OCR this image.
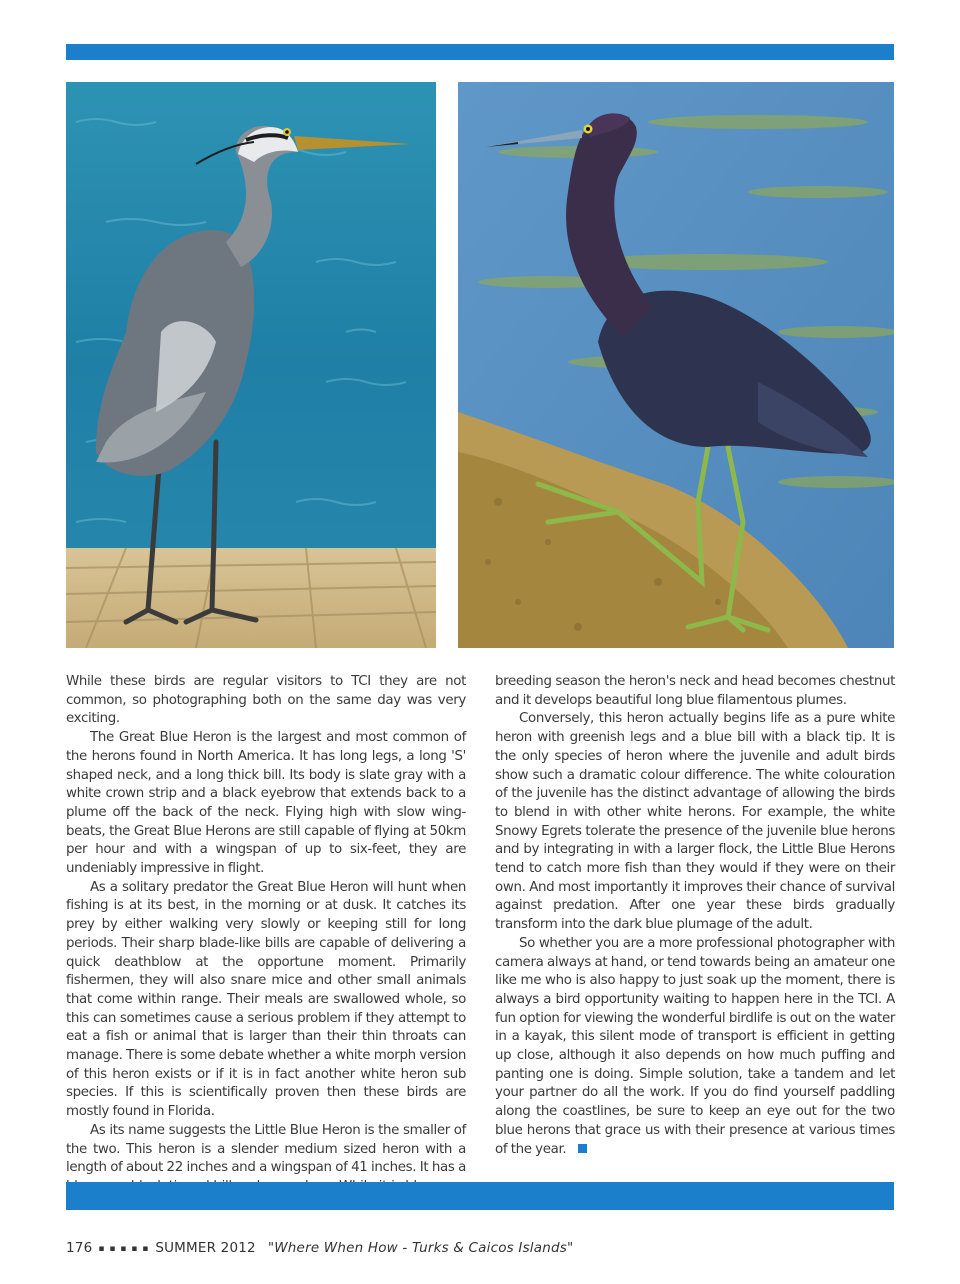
While these birds are regular visitors to TCI they are not common, so photographing both on the same day was very exciting.

The Great Blue Heron is the largest and most common of the herons found in North America. It has long legs, a long 'S' shaped neck, and a long thick bill. Its body is slate gray with a white crown strip and a black eyebrow that extends back to a plume off the back of the neck. Flying high with slow wing-beats, the Great Blue Herons are still capable of flying at 50km per hour and with a wingspan of up to six-feet, they are undeniably impressive in flight.

As a solitary predator the Great Blue Heron will hunt when fishing is at its best, in the morning or at dusk. It catches its prey by either walking very slowly or keeping still for long periods. Their sharp blade-like bills are capable of delivering a quick deathblow at the opportune moment. Primarily fishermen, they will also snare mice and other small animals that come within range. Their meals are swallowed whole, so this can sometimes cause a serious problem if they attempt to eat a fish or animal that is larger than their thin throats can manage. There is some debate whether a white morph version of this heron exists or if it is in fact another white heron sub species. If this is scientifically proven then these birds are mostly found in Florida.

As its name suggests the Little Blue Heron is the smaller of the two. This heron is a slender medium sized heron with a length of about 22 inches and a wingspan of 41 inches. It has a

breeding season the heron's neck and head becomes chestnut and it develops beautiful long blue filamentous plumes.

Conversely, this heron actually begins life as a pure white heron with greenish legs and a blue bill with a black tip. It is the only species of heron where the juvenile and adult birds show such a dramatic colour difference. The white colouration of the juvenile has the distinct advantage of allowing the birds to blend in with other white herons. For example, the white Snowy Egrets tolerate the presence of the juvenile blue herons and by integrating in with a larger flock, the Little Blue Herons tend to catch more fish than they would if they were on their own. And most importantly it improves their chance of survival against predation. After one year these birds gradually transform into the dark blue plumage of the adult.

So whether you are a more professional photographer with camera always at hand, or tend towards being an amateur one like me who is also happy to just soak up the moment, there is always a bird opportunity waiting to happen here in the TCI. A fun option for viewing the wonderful birdlife is out on the water in a kayak, this silent mode of transport is efficient in getting up close, although it also depends on how much puffing and panting one is doing. Simple solution, take a tandem and let your partner do all the work. If you do find yourself paddling along the coastlines, be sure to keep an eye out for the two blue herons that grace us with their presence at various times of the year.

176 ▪ ▪ ▪ ▪ ▪ SUMMER 2012 "Where When How - Turks & Caicos Islands"
